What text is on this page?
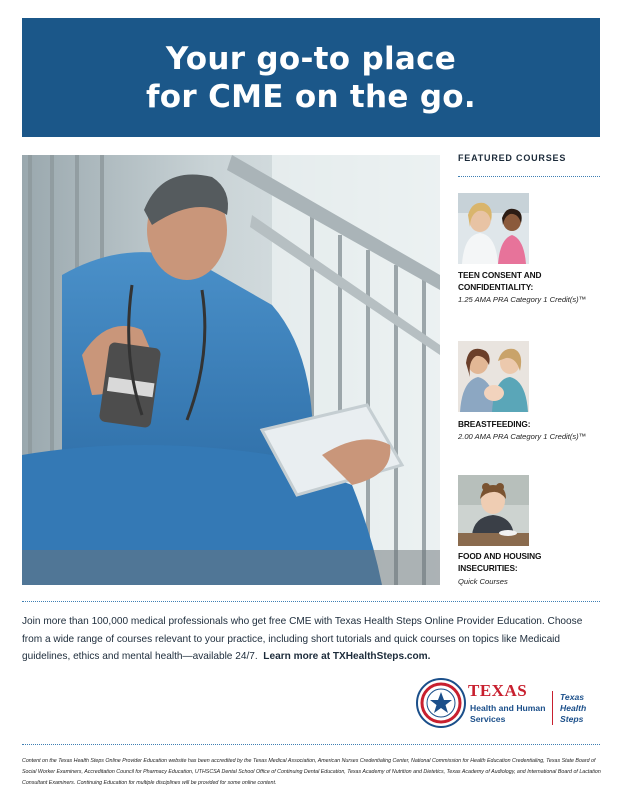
Your go-to place
for CME on the go.
FEATURED COURSES
TEEN CONSENT AND
CONFIDENTIALITY:
1.25 AMA PRA Category 1 Credit(s)™
BREASTFEEDING:
2.00 AMA PRA Category 1 Credit(s)™
FOOD AND HOUSING
INSECURITIES:
Quick Courses
Join more than 100,000 medical professionals who get free CME with Texas Health Steps Online Provider Education. Choose from a wide range of courses relevant to your practice, including short tutorials and quick courses on topics like Medicaid guidelines, ethics and mental health—available 24/7. Learn more at TXHealthSteps.com.
TEXAS
Health and Human
Services
Texas
Health
Steps
Content on the Texas Health Steps Online Provider Education website has been accredited by the Texas Medical Association, American Nurses Credentialing Center, National Commission for Health Education Credentialing, Texas State Board of Social Worker Examiners, Accreditation Council for Pharmacy Education, UTHSCSA Dental School Office of Continuing Dental Education, Texas Academy of Nutrition and Dietetics, Texas Academy of Audiology, and International Board of Lactation Consultant Examiners. Continuing Education for multiple disciplines will be provided for some online content.
